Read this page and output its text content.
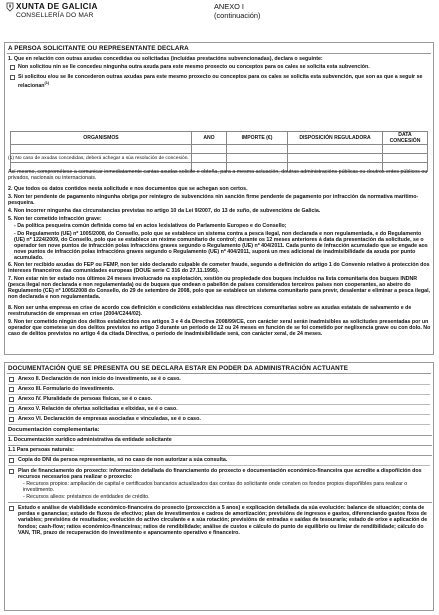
XUNTA DE GALICIA
CONSELLERÍA DO MAR
ANEXO I
(continuación)
A PERSOA SOLICITANTE OU REPRESENTANTE DECLARA
1. Que en relación con outras axudas concedidas ou solicitadas (incluídas prestacións subvencionadas), declara o seguinte:
Non solicitou nin se lle concedeu ningunha outra axuda para este mesmo proxecto ou conceptos para os cales se solicita esta subvención.
Si solicitou e/ou se lle concederon outras axudas para este mesmo proxecto ou conceptos para os cales se solicita esta subvención, que son as que a seguir se relacionan$^{(1)}$
ORGANISMOS	ANO	IMPORTE (€)	DISPOSICIÓN REGULADORA	DATA CONCESIÓN

(1) No caso de axudas concedidas, deberá achegar a súa resolución de concesión.
Así mesmo, comprométese a comunicar inmediatamente cantas axudas solicite e obteña, para a mesma actuación, doutras administracións públicas ou doutros entes públicos ou privados, nacionais ou internacionais.
2. Que todos os datos contidos nesta solicitude e nos documentos que se achegan son certos.
3. Non ter pendente de pagamento ningunha obriga por reintegro de subvencións nin sanción firme pendente de pagamento por infracción da normativa marítimo-pesqueira.
4. Non incorrer ningunha das circunstancias previstas no artigo 10 da Lei 9/2007, do 13 de xuño, de subvencións de Galicia.
5. Non ter cometido infracción grave:
- Da política pesqueira común definida como tal en actos lexislativos do Parlamento Europeo e do Consello;
- Do Regulamento (UE) nº 1005/2008, do Consello, polo que se establece un sistema contra a pesca ilegal, non declarada e non regulamentada, e do Regulamento (UE) nº 1224/2009, do Consello, polo que se establece un réxime comunitario de control; durante os 12 meses anteriores á data da presentación da solicitude, se o operador ten nove puntos de infracción polas infraccións graves segundo o Regulamento (UE) nº 404/2011. Cada punto de infracción acumulado que se engade aos nove puntos de infracción polas infraccións graves segundo o Regulamento (UE) nº 404/2011, suporá un mes adicional de inadmisibilidade da axuda por punto acumulado.
6. Non ter recibido axudas do FEP ou FEMP, non ter sido declarado culpable de cometer fraude, segundo a definición do artigo 1 do Convenio relativo á protección dos intereses financeiros das comunidades europeas (DOUE serie C 316 do 27.11.1995).
7. Non estar nin ter estado nos últimos 24 meses involucrado na explotación, xestión ou propiedade dos buques incluídos na lista comunitaria dos buques INDNR (pesca ilegal non declarada e non regulamentada) ou de buques que ondean o pabellón de países considerados terceiros países non cooperantes, ao abeiro do Regulamento (CE) nº 1005/2008 do Consello, do 29 de setembro de 2008, polo que se establece un sistema comunitario para previr, desalentar e eliminar a pesca ilegal, non declarada e non regulamentada.
8. Non ser unha empresa en crise de acordo coa definición e condicións establecidas nas directrices comunitarias sobre as axudas estatais de salvamento e de reestruturación de empresas en crise (2004/C244/02).
9. Non ter cometido ningún dos delitos establecidos nos artigos 3 e 4 da Directiva 2008/99/CE, con carácter xeral serán inadmisibles as solicitudes presentadas por un operador que cometese un dos delitos previstos no artigo 3 durante un período de 12 ou 24 meses en función de se foi cometido por neglixencia grave ou con dolo. No caso de delitos previstos no artigo 4 da citada Directiva, o período de inadmisibilidade será, con carácter xeral, de 24 meses.
DOCUMENTACIÓN QUE SE PRESENTA OU SE DECLARA ESTAR EN PODER DA ADMINISTRACIÓN ACTUANTE
Anexo II. Declaración de non inicio do investimento, se é o caso.
Anexo III. Formulario do investimento.
Anexo IV. Pluralidade de persoas físicas, se é o caso.
Anexo V. Relación de ofertas solicitadas e elixidas, se é o caso.
Anexo VI. Declaración de empresas asociadas e vinculadas, se é o caso.
Documentación complementaria:
1. Documentación xurídico administrativa da entidade solicitante
1.1 Para persoas naturais:
Copia do DNI da persoa representante, só no caso de non autorizar a súa consulta.
Plan de financiamento do proxecto: información detallada do financiamento do proxecto e documentación económico-financeira que acredite a dispoñición dos recursos necesarios para realizar o proxecto:
- Recursos propios: ampliación de capital e certificados bancarios actualizados das contas do solicitante onde consten os fondos propios dispoñibles para realizar o investimento.
- Recursos alleos: préstamos de entidades de crédito.
Estudo e análise de viabilidade económico-financeira do proxecto (proxección a 5 anos) e explicación detallada da súa evolución: balance de situación; conta de perdas e ganancias; estado de fluxos de efectivo; plan de investimentos e cadros de amortización; previsións de ingresos e gastos, diferenciando gastos fixos de variables; previsións de resultados; evolución do activo circulante e a súa rotación; previsións de entradas e saídas de tesouraría; estado de orixe e aplicación de fondos; cash-flow; ratios económico-financeiras; ratios de rendibilidade; análise de custos e cálculo do punto de equilibrio ou limiar de rendibilidade; cálculo do VAN, TIR, prazo de recuperación do investimento e apancamento operativo e financeiro.
